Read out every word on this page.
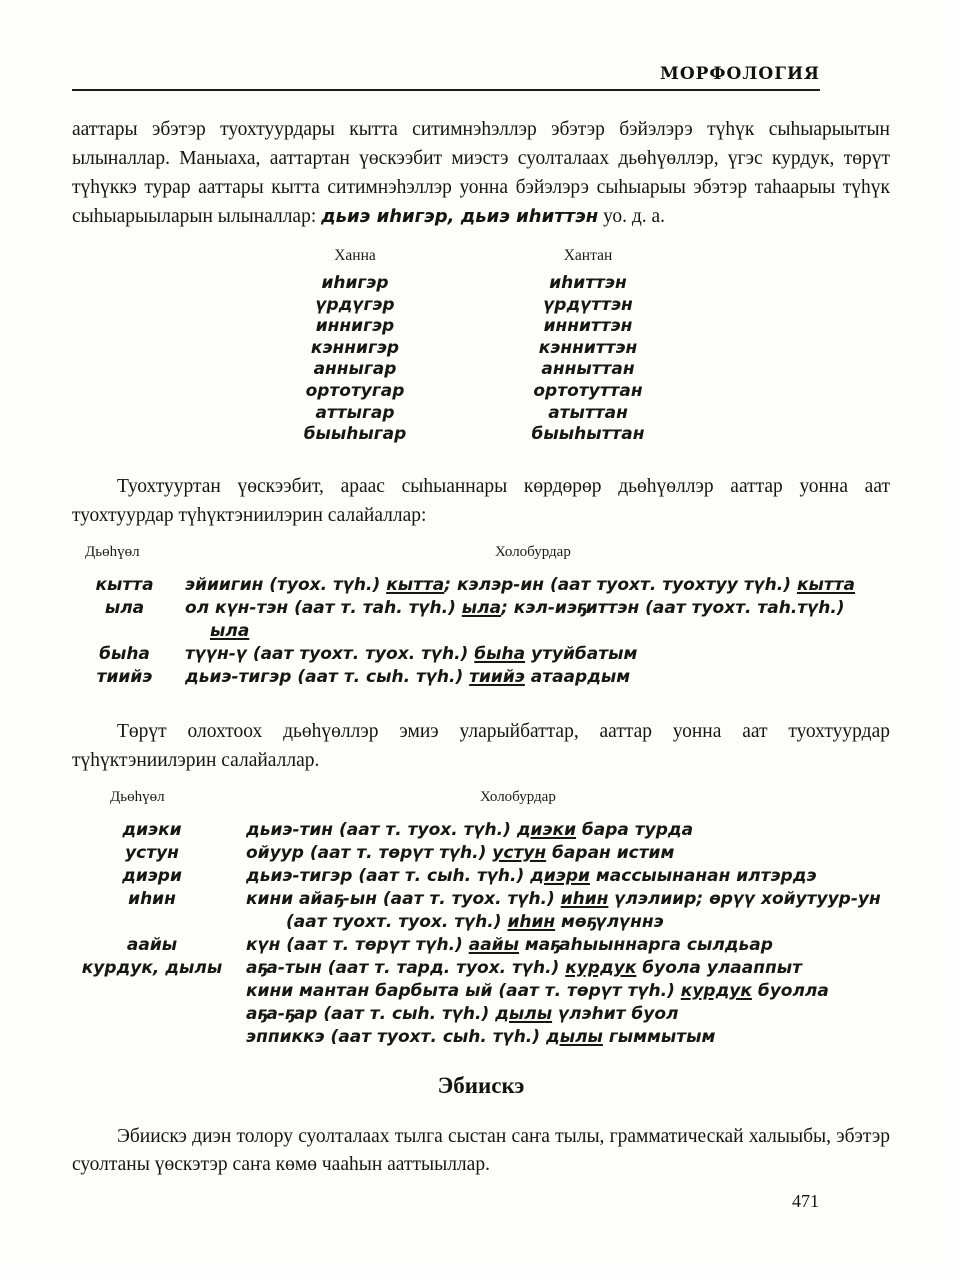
МОРФОЛОГИЯ

ааттары эбэтэр туохтуурдары кытта ситимнэһэллэр эбэтэр бэйэлэрэ түһүк сыһыарыытын ылыналлар. Маныаха, ааттартан үөскээбит миэстэ суолталаах дьөһүөллэр, үгэс курдук, төрүт түһүккэ турар ааттары кытта ситимнэһэллэр уонна бэйэлэрэ сыһыарыы эбэтэр таһаарыы түһүк сыһыарыыларын ылыналлар: дьиэ иһигэр, дьиэ иһиттэн уо. д. а.

Ханна	Хантан
иһигэр	иһиттэн
үрдүгэр	үрдүттэн
иннигэр	инниттэн
кэннигэр	кэнниттэн
анныгар	анныттан
ортотугар	ортотуттан
аттыгар	атыттан
быыһыгар	быыһыттан

Туохтууртан үөскээбит, араас сыһыаннары көрдөрөр дьөһүөллэр ааттар уонна аат туохтуурдар түһүктэниилэрин салайаллар:

Дьөһүөл	Холобурдар
кытта	эйиигин (туох. түһ.) кытта; кэлэр-ин (аат туохт. туохтуу түһ.) кытта
ыла	ол күн-тэн (аат т. таһ. түһ.) ыла; кэл-иэҕиттэн (аат туохт. таһ.түһ.)
ыла
быһа	түүн-ү (аат туохт. туох. түһ.) быһа утуйбатым
тиийэ	дьиэ-тигэр (аат т. сыһ. түһ.) тиийэ атаардым

Төрүт олохтоох дьөһүөллэр эмиэ уларыйбаттар, ааттар уонна аат туохтуурдар түһүктэниилэрин салайаллар.

Дьөһүөл	Холобурдар
диэки	дьиэ-тин (аат т. туох. түһ.) диэки бара турда
устун	ойуур (аат т. төрүт түһ.) устун баран истим
диэри	дьиэ-тигэр (аат т. сыһ. түһ.) диэри массыынанан илтэрдэ
иһин	кини айаҕ-ын (аат т. туох. түһ.) иһин үлэлиир; өрүү хойутуур-ун
(аат туохт. туох. түһ.) иһин мөҕүлүннэ
аайы	күн (аат т. төрүт түһ.) аайы маҕаһыыннарга сылдьар
курдук, дылы	аҕа-тын (аат т. тард. туох. түһ.) курдук буола улааппыт
кини мантан барбыта ый (аат т. төрүт түһ.) курдук буолла
аҕа-ҕар (аат т. сыһ. түһ.) дылы үлэһит буол
эппиккэ (аат туохт. сыһ. түһ.) дылы гыммытым
Эбиискэ

Эбиискэ диэн толору суолталаах тылга сыстан саҥа тылы, грамматическай халыыбы, эбэтэр суолтаны үөскэтэр саҥа көмө чааһын ааттыыллар.

471
